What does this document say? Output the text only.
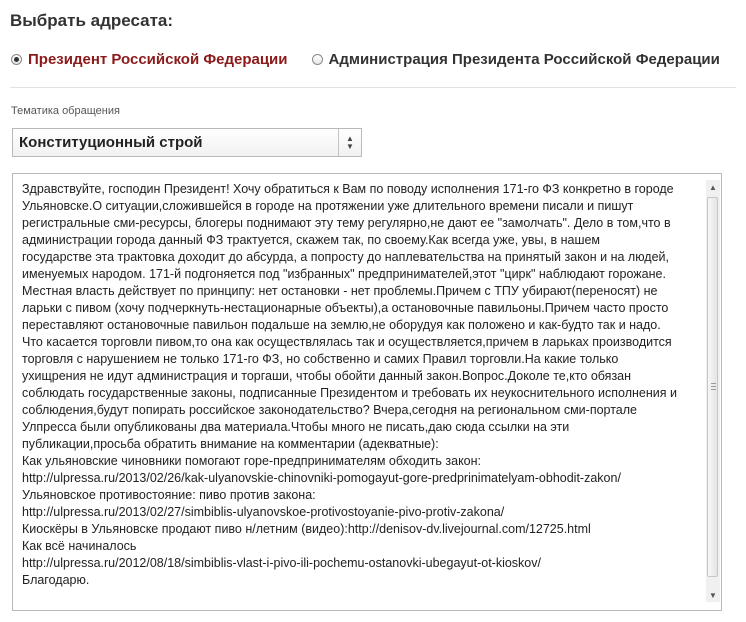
Выбрать адресата:
Президент Российской Федерации	Администрация Президента Российской Федерации
Тематика обращения
Конституционный строй	▲
▼

Здравствуйте, господин Президент! Хочу обратиться к Вам по поводу исполнения 171-го ФЗ конкретно в городе
Ульяновске.О ситуации,сложившейся в городе на протяжении уже длительного времени писали и пишут
регистральные сми-ресурсы, блогеры поднимают эту тему регулярно,не дают ее "замолчать". Дело в том,что в
администрации города данный ФЗ трактуется, скажем так, по своему.Как всегда уже, увы, в нашем
государстве эта трактовка доходит до абсурда, а попросту до наплевательства на принятый закон и на людей,
именуемых народом. 171-й подгоняется под "избранных" предпринимателей,этот "цирк" наблюдают горожане.
Местная власть действует по принципу: нет остановки - нет проблемы.Причем с ТПУ убирают(переносят) не
ларьки с пивом (хочу подчеркнуть-нестационарные объекты),а остановочные павильоны.Причем часто просто
переставляют остановочные павильон подальше на землю,не оборудуя как положено и как-будто так и надо.
Что касается торговли пивом,то она как осуществлялась так и осуществляется,причем в ларьках производится
торговля с нарушением не только 171-го ФЗ, но собственно и самих Правил торговли.На какие только
ухищрения не идут администрация и торгаши, чтобы обойти данный закон.Вопрос.Доколе те,кто обязан
соблюдать государственные законы, подписанные Президентом и требовать их неукоснительного исполнения и
соблюдения,будут попирать российское законодательство? Вчера,сегодня на региональном сми-портале
Улпресса были опубликованы два материала.Чтобы много не писать,даю сюда ссылки на эти
публикации,просьба обратить внимание на комментарии (адекватные):
Как ульяновские чиновники помогают горе-предпринимателям обходить закон:
http://ulpressa.ru/2013/02/26/kak-ulyanovskie-chinovniki-pomogayut-gore-predprinimatelyam-obhodit-zakon/
Ульяновское противостояние: пиво против закона:
http://ulpressa.ru/2013/02/27/simbiblis-ulyanovskoe-protivostoyanie-pivo-protiv-zakona/
Киоскёры в Ульяновске продают пиво н/летним (видео):http://denisov-dv.livejournal.com/12725.html
Как всё начиналось
http://ulpressa.ru/2012/08/18/simbiblis-vlast-i-pivo-ili-pochemu-ostanovki-ubegayut-ot-kioskov/
Благодарю.

▲
▼
